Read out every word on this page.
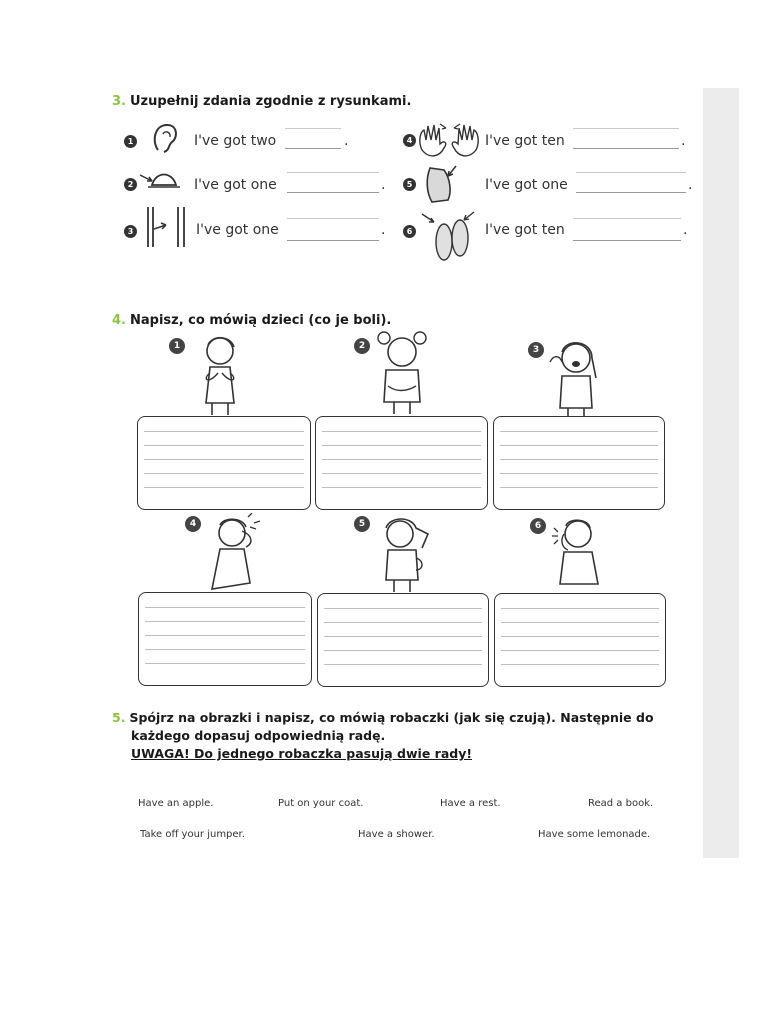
3. Uzupełnij zdania zgodnie z rysunkami.
1	I've got two	.
2	I've got one	.
3	I've got one	.
4	I've got ten	.
5	I've got one	.
6	I've got ten	.
4. Napisz, co mówią dzieci (co je boli).
1	2	3
4	5	6
5. Spójrz na obrazki i napisz, co mówią robaczki (jak się czują). Następnie do
każdego dopasuj odpowiednią radę.
UWAGA! Do jednego robaczka pasują dwie rady!
Have an apple.	Put on your coat.	Have a rest.	Read a book.
Take off your jumper.	Have a shower.	Have some lemonade.
